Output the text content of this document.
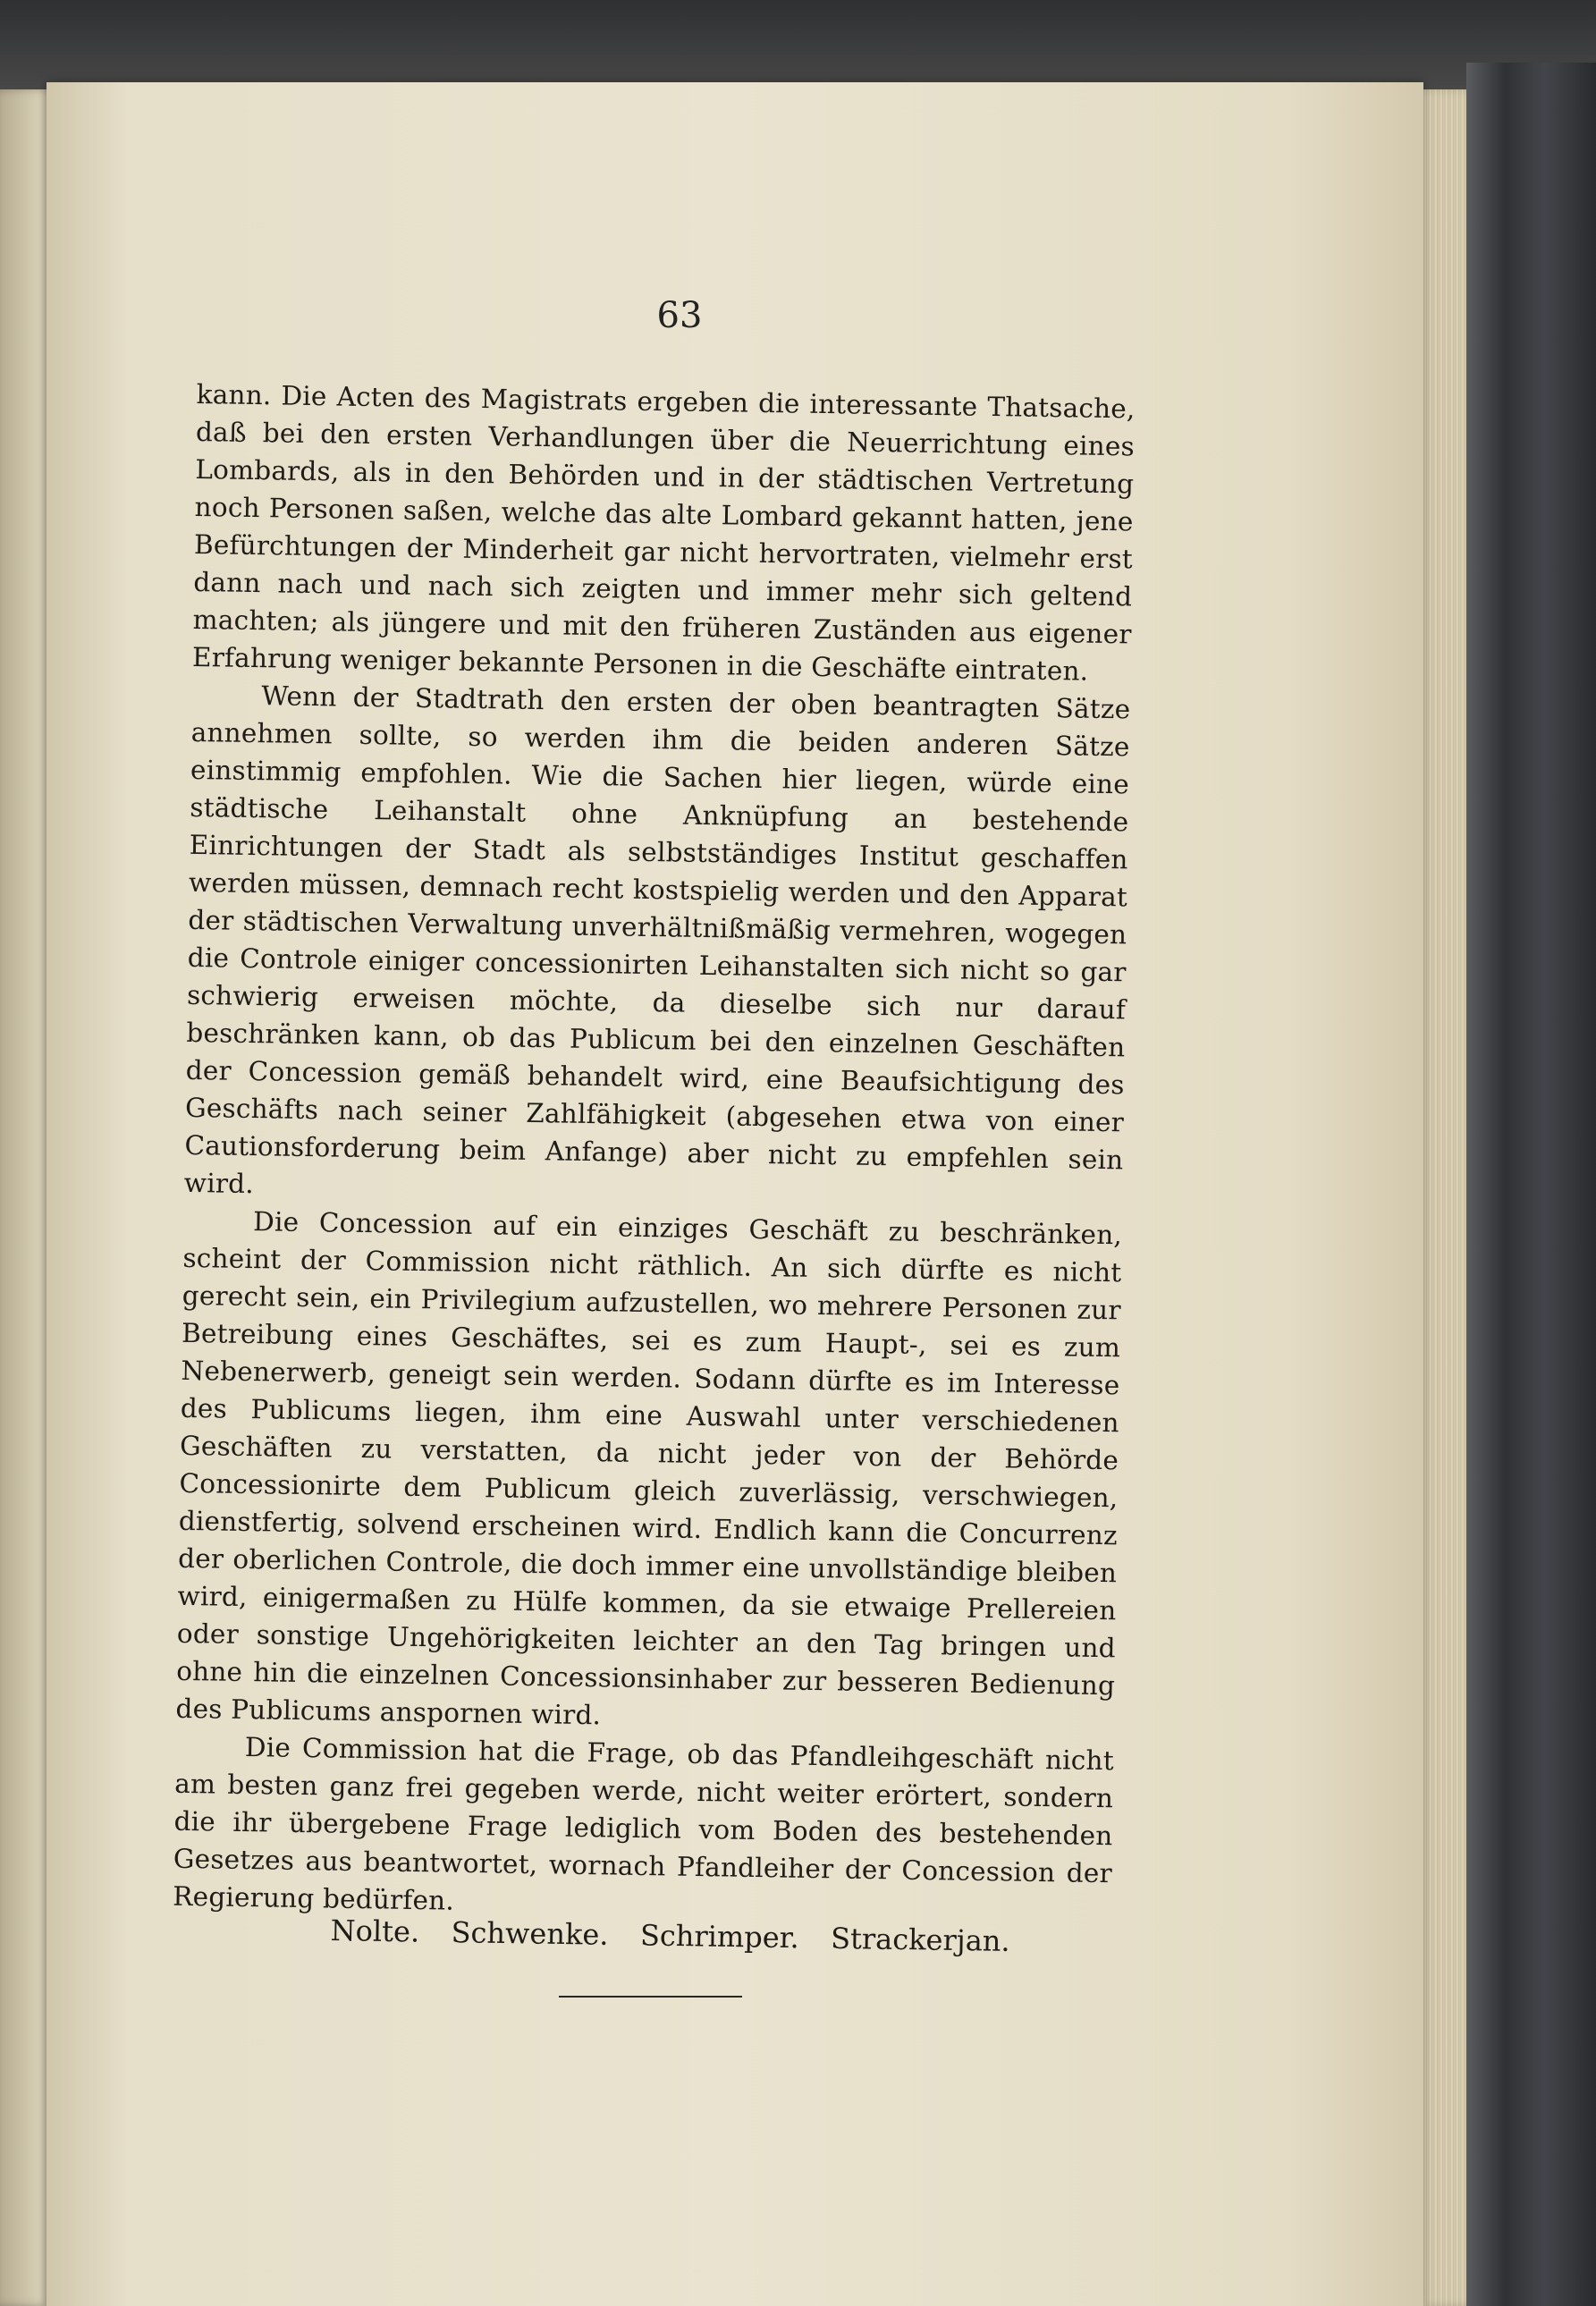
63

kann. Die Acten des Magistrats ergeben die interessante Thatsache, daß bei den ersten Verhandlungen über die Neuerrichtung eines Lombards, als in den Behörden und in der städtischen Vertretung noch Personen saßen, welche das alte Lombard gekannt hatten, jene Befürchtungen der Minderheit gar nicht hervortraten, vielmehr erst dann nach und nach sich zeigten und immer mehr sich geltend machten; als jüngere und mit den früheren Zuständen aus eigener Erfahrung weniger bekannte Personen in die Geschäfte eintraten.

Wenn der Stadtrath den ersten der oben beantragten Sätze annehmen sollte, so werden ihm die beiden anderen Sätze einstimmig empfohlen. Wie die Sachen hier liegen, würde eine städtische Leihanstalt ohne Anknüpfung an bestehende Einrichtungen der Stadt als selbstständiges Institut geschaffen werden müssen, demnach recht kostspielig werden und den Apparat der städtischen Verwaltung unverhältnißmäßig vermehren, wogegen die Controle einiger concessionirten Leihanstalten sich nicht so gar schwierig erweisen möchte, da dieselbe sich nur darauf beschränken kann, ob das Publicum bei den einzelnen Geschäften der Concession gemäß behandelt wird, eine Beaufsichtigung des Geschäfts nach seiner Zahlfähigkeit (abgesehen etwa von einer Cautionsforderung beim Anfange) aber nicht zu empfehlen sein wird.

Die Concession auf ein einziges Geschäft zu beschränken, scheint der Commission nicht räthlich. An sich dürfte es nicht gerecht sein, ein Privilegium aufzustellen, wo mehrere Personen zur Betreibung eines Geschäftes, sei es zum Haupt-, sei es zum Nebenerwerb, geneigt sein werden. Sodann dürfte es im Interesse des Publicums liegen, ihm eine Auswahl unter verschiedenen Geschäften zu verstatten, da nicht jeder von der Behörde Concessionirte dem Publicum gleich zuverlässig, verschwiegen, dienstfertig, solvend erscheinen wird. Endlich kann die Concurrenz der oberlichen Controle, die doch immer eine unvollständige bleiben wird, einigermaßen zu Hülfe kommen, da sie etwaige Prellereien oder sonstige Ungehörigkeiten leichter an den Tag bringen und ohne hin die einzelnen Concessionsinhaber zur besseren Bedienung des Publicums anspornen wird.

Die Commission hat die Frage, ob das Pfandleihgeschäft nicht am besten ganz frei gegeben werde, nicht weiter erörtert, sondern die ihr übergebene Frage lediglich vom Boden des bestehenden Gesetzes aus beantwortet, wornach Pfandleiher der Concession der Regierung bedürfen.

Nolte. Schwenke. Schrimper. Strackerjan.
